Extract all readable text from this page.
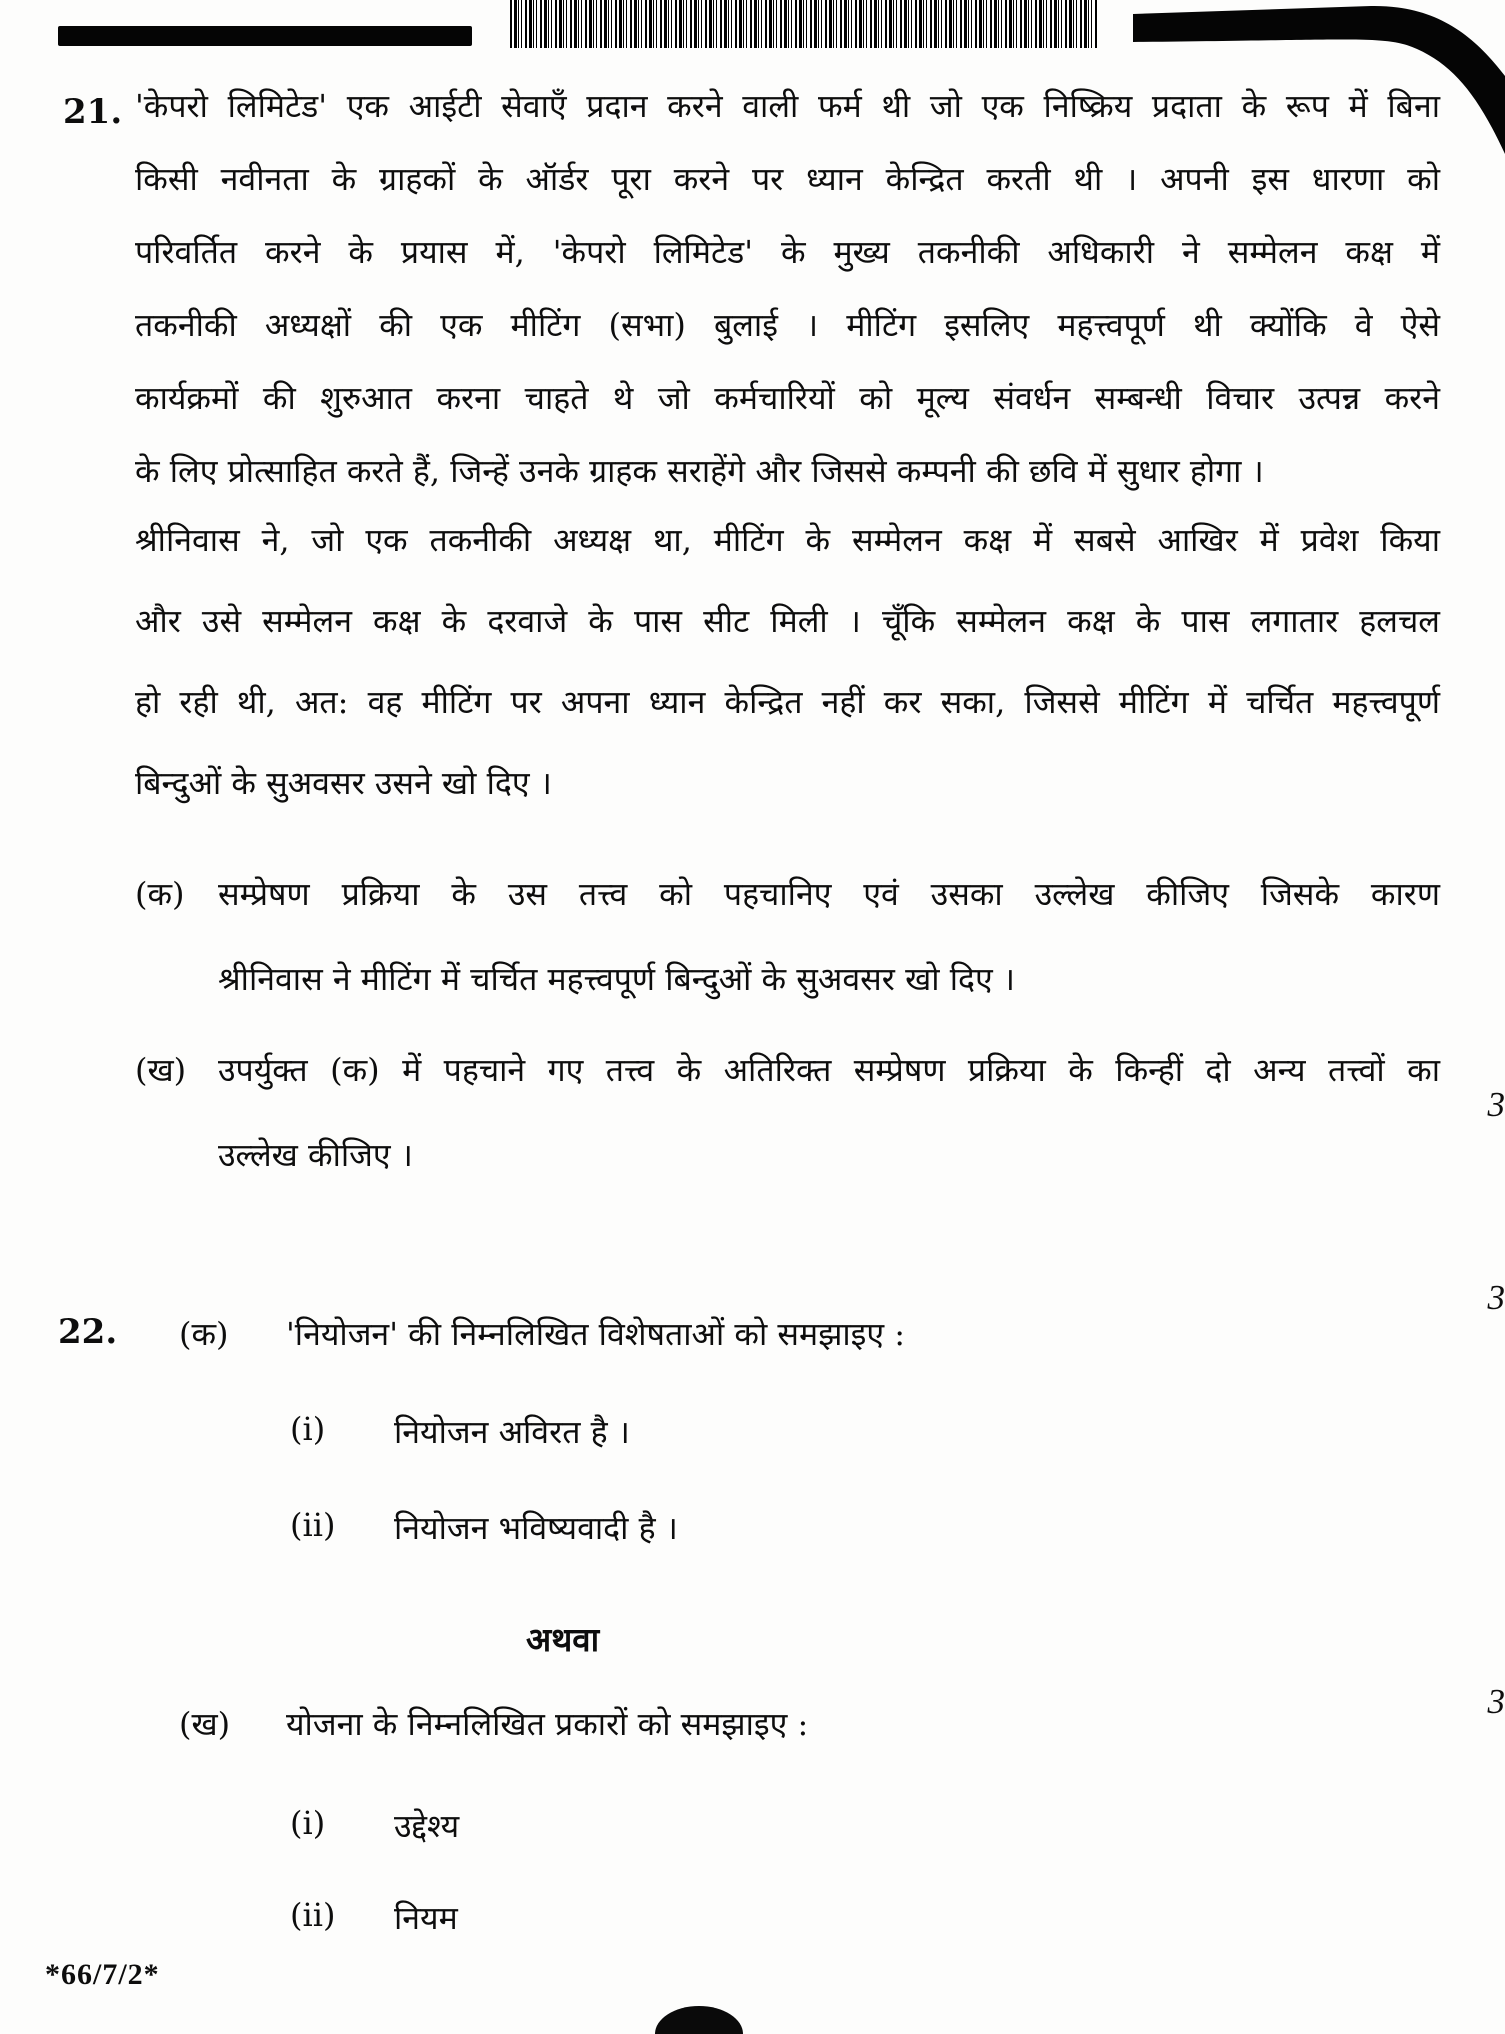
21. 'केपरो लिमिटेड' एक आईटी सेवाएँ प्रदान करने वाली फर्म थी जो एक निष्क्रिय प्रदाता के रूप में बिना
किसी नवीनता के ग्राहकों के ऑर्डर पूरा करने पर ध्यान केन्द्रित करती थी । अपनी इस धारणा को
परिवर्तित करने के प्रयास में, 'केपरो लिमिटेड' के मुख्य तकनीकी अधिकारी ने सम्मेलन कक्ष में
तकनीकी अध्यक्षों की एक मीटिंग (सभा) बुलाई । मीटिंग इसलिए महत्त्वपूर्ण थी क्योंकि वे ऐसे
कार्यक्रमों की शुरुआत करना चाहते थे जो कर्मचारियों को मूल्य संवर्धन सम्बन्धी विचार उत्पन्न करने
के लिए प्रोत्साहित करते हैं, जिन्हें उनके ग्राहक सराहेंगे और जिससे कम्पनी की छवि में सुधार होगा ।
श्रीनिवास ने, जो एक तकनीकी अध्यक्ष था, मीटिंग के सम्मेलन कक्ष में सबसे आखिर में प्रवेश किया
और उसे सम्मेलन कक्ष के दरवाजे के पास सीट मिली । चूँकि सम्मेलन कक्ष के पास लगातार हलचल
हो रही थी, अत: वह मीटिंग पर अपना ध्यान केन्द्रित नहीं कर सका, जिससे मीटिंग में चर्चित महत्त्वपूर्ण
बिन्दुओं के सुअवसर उसने खो दिए ।
(क) सम्प्रेषण प्रक्रिया के उस तत्त्व को पहचानिए एवं उसका उल्लेख कीजिए जिसके कारण
श्रीनिवास ने मीटिंग में चर्चित महत्त्वपूर्ण बिन्दुओं के सुअवसर खो दिए ।
(ख) उपर्युक्त (क) में पहचाने गए तत्त्व के अतिरिक्त सम्प्रेषण प्रक्रिया के किन्हीं दो अन्य तत्त्वों का
उल्लेख कीजिए ।
3
22. (क) 'नियोजन' की निम्नलिखित विशेषताओं को समझाइए :
3
(i) नियोजन अविरत है ।
(ii) नियोजन भविष्यवादी है ।
अथवा
(ख) योजना के निम्नलिखित प्रकारों को समझाइए :
3
(i) उद्देश्य
(ii) नियम
*66/7/2*
